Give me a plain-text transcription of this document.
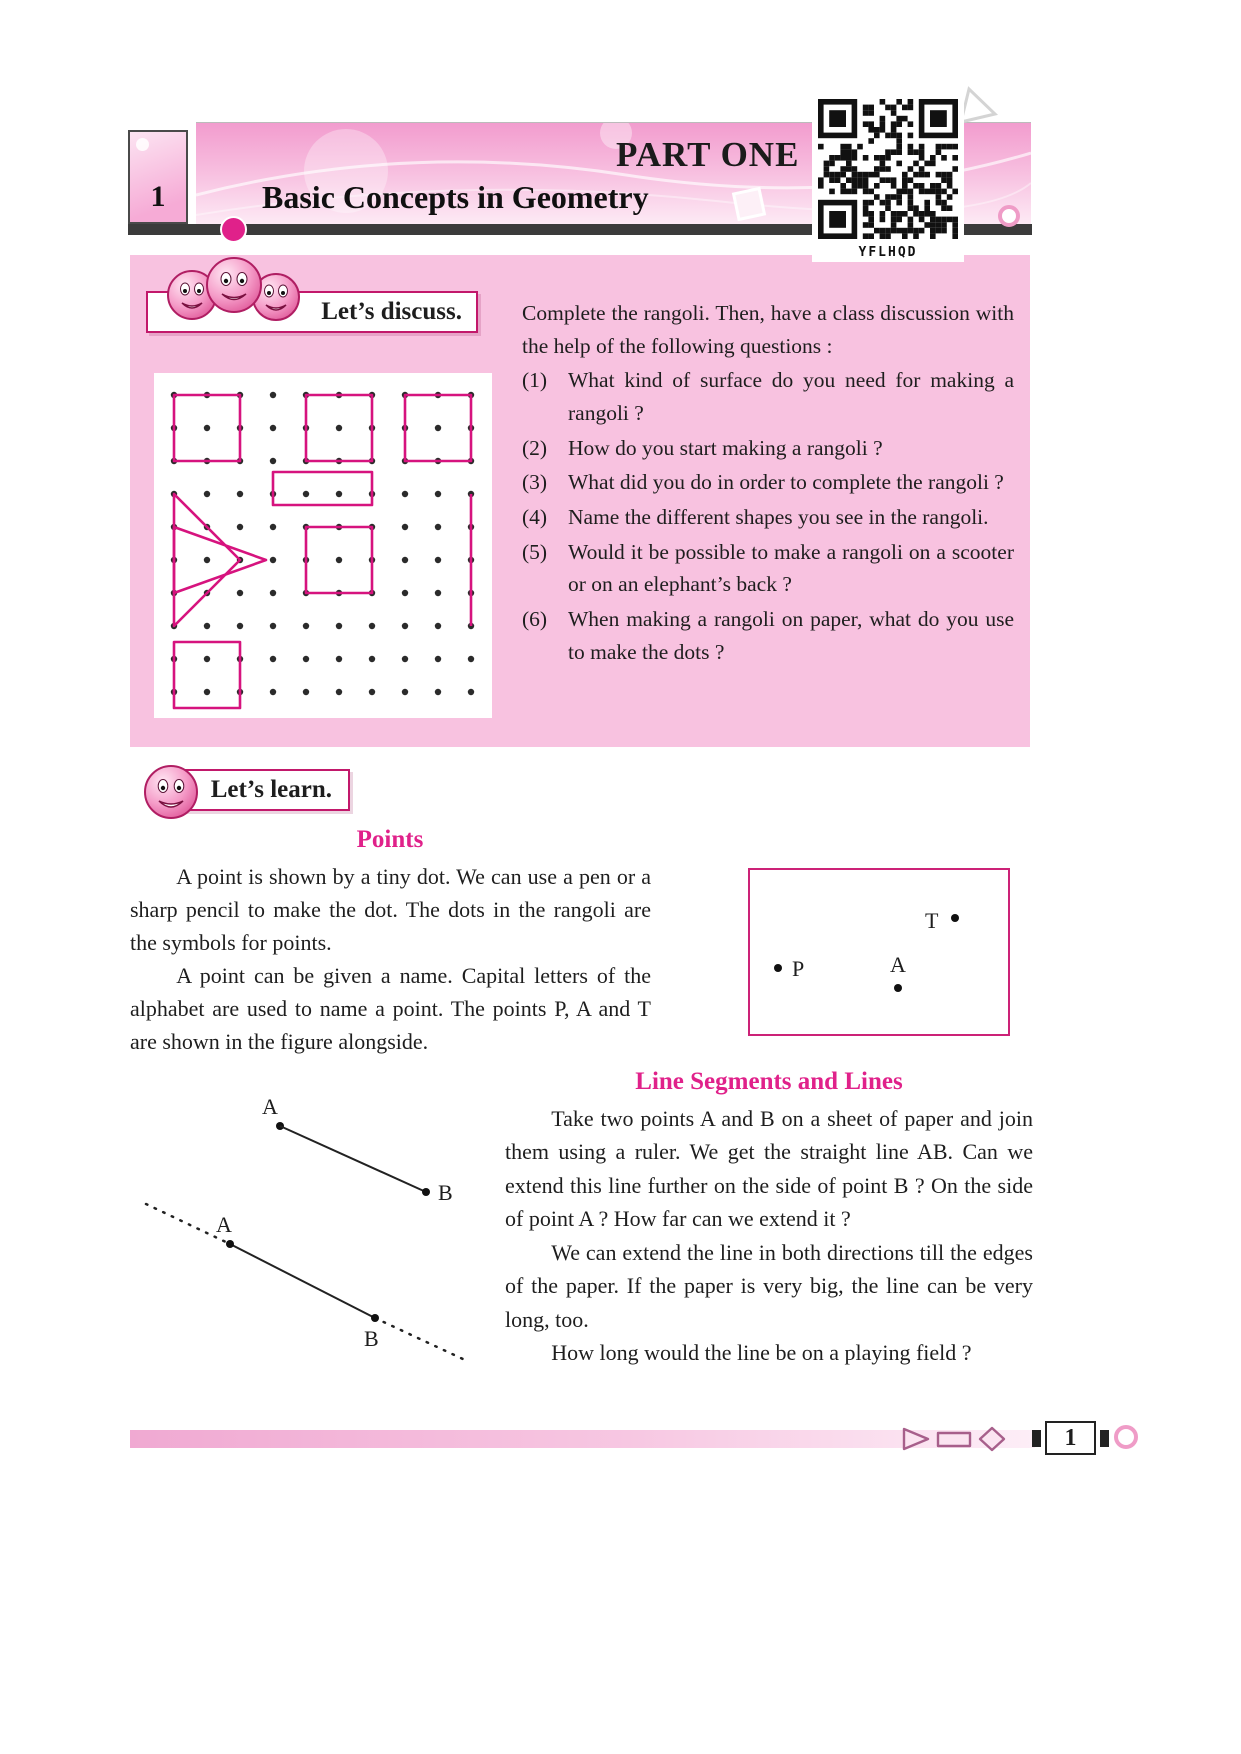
1
PART ONE
Basic Concepts in Geometry
YFLHQD
Let’s discuss.	Complete the rangoli. Then, have a class discussion with the help of the following questions :

(1) What kind of surface do you need for making a rangoli ?
(2) How do you start making a rangoli ?
(3) What did you do in order to complete the rangoli ?
(4) Name the different shapes you see in the rangoli.
(5) Would it be possible to make a rangoli on a scooter or on an elephant’s back ?
(6) When making a rangoli on paper, what do you use to make the dots ?
Let’s learn.
Points

A point is shown by a tiny dot. We can use a pen or a sharp pencil to make the dot. The dots in the rangoli are the symbols for points.

A point can be given a name. Capital letters of the alphabet are used to name a point. The points P, A and T are shown in the figure alongside.

T
P	A
Line Segments and Lines

Take two points A and B on a sheet of paper and join them using a ruler. We get the straight line AB. Can we extend this line further on the side of point B ? On the side of point A ? How far can we extend it ?

We can extend the line in both directions till the edges of the paper. If the paper is very big, the line can be very long, too.

How long would the line be on a playing field ?

A
B
A
B
1
